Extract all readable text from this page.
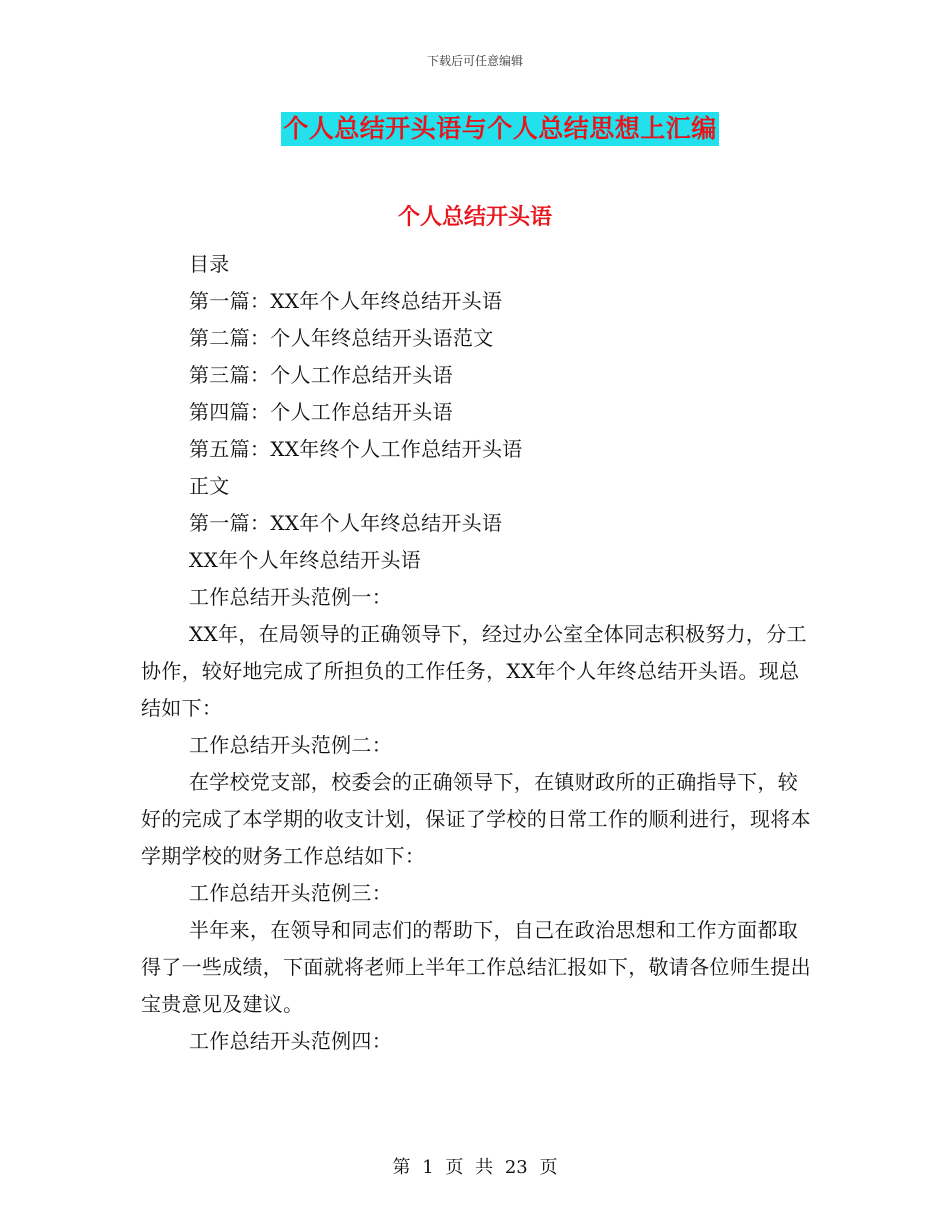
下载后可任意编辑
个人总结开头语与个人总结思想上汇编
个人总结开头语

目录

第一篇：XX年个人年终总结开头语

第二篇：个人年终总结开头语范文

第三篇：个人工作总结开头语

第四篇：个人工作总结开头语

第五篇：XX年终个人工作总结开头语

正文

第一篇：XX年个人年终总结开头语

XX年个人年终总结开头语

工作总结开头范例一：

XX年，在局领导的正确领导下，经过办公室全体同志积极努力，分工协作，较好地完成了所担负的工作任务，XX年个人年终总结开头语。现总结如下：

工作总结开头范例二：

在学校党支部，校委会的正确领导下，在镇财政所的正确指导下，较好的完成了本学期的收支计划，保证了学校的日常工作的顺利进行，现将本学期学校的财务工作总结如下：

工作总结开头范例三：

半年来，在领导和同志们的帮助下，自己在政治思想和工作方面都取得了一些成绩，下面就将老师上半年工作总结汇报如下，敬请各位师生提出宝贵意见及建议。

工作总结开头范例四：

第 1 页 共 23 页
